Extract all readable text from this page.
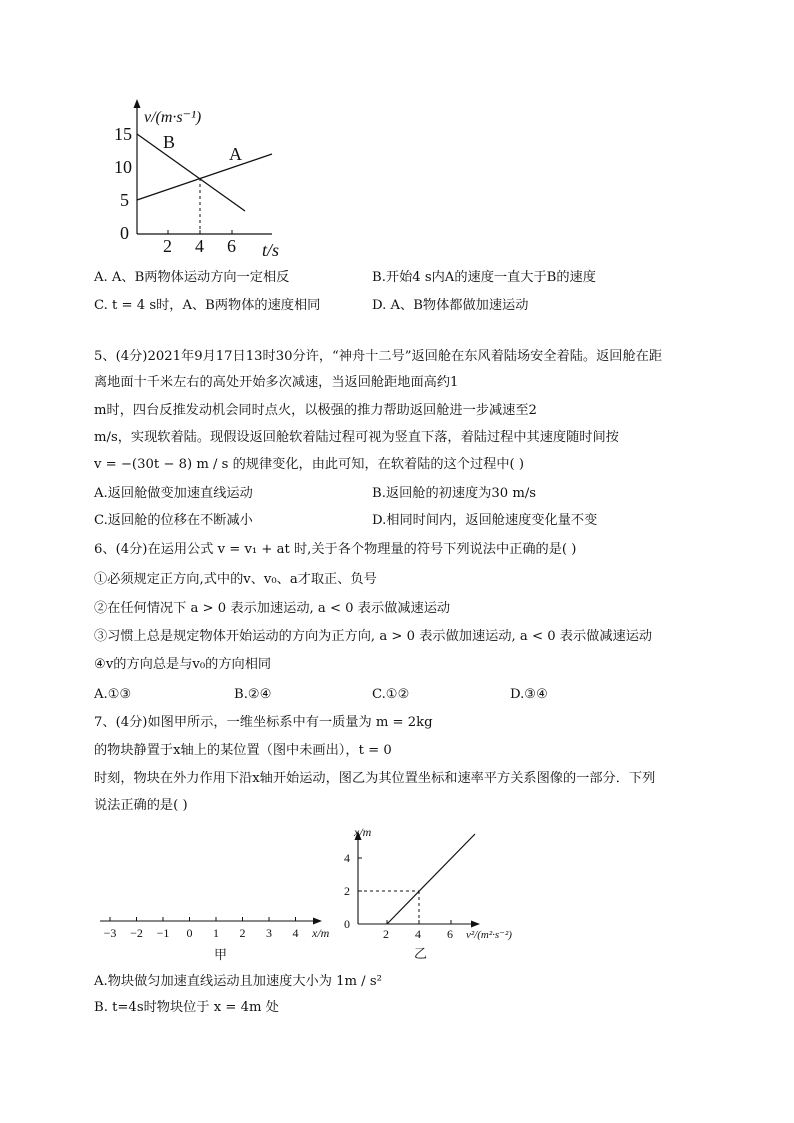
15
10
5
0
2 4 6
v/(m·s⁻¹)
t/s
B
A
A. A、B两物体运动方向一定相反	B.开始4 s内A的速度一直大于B的速度
C. t = 4 s时，A、B两物体的速度相同	D. A、B物体都做加速运动
5、(4分)2021年9月17日13时30分许，“神舟十二号”返回舱在东风着陆场安全着陆。返回舱在距
离地面十千米左右的高处开始多次减速，当返回舱距地面高约1
m时，四台反推发动机会同时点火，以极强的推力帮助返回舱进一步减速至2
m/s，实现软着陆。现假设返回舱软着陆过程可视为竖直下落，着陆过程中其速度随时间按
v = −(30t − 8) m / s 的规律变化，由此可知，在软着陆的这个过程中( )
A.返回舱做变加速直线运动	B.返回舱的初速度为30 m/s
C.返回舱的位移在不断减小	D.相同时间内，返回舱速度变化量不变
6、(4分)在运用公式 v = v₁ + at 时,关于各个物理量的符号下列说法中正确的是( )
①必须规定正方向,式中的v、v₀、a才取正、负号
②在任何情况下 a > 0 表示加速运动, a < 0 表示做减速运动
③习惯上总是规定物体开始运动的方向为正方向, a > 0 表示做加速运动, a < 0 表示做减速运动
④v的方向总是与v₀的方向相同
A.①③	B.②④	C.①②	D.③④
7、(4分)如图甲所示，一维坐标系中有一质量为 m = 2kg
的物块静置于x轴上的某位置（图中未画出），t = 0
时刻，物块在外力作用下沿x轴开始运动，图乙为其位置坐标和速率平方关系图像的一部分．下列
说法正确的是( )
−3 −2 −1 0 1 2 3 4 x/m
甲
x/m
4
2
0
2 4 6 v²/(m²·s⁻²)
乙
A.物块做匀加速直线运动且加速度大小为 1m / s²
B. t=4s时物块位于 x = 4m 处
